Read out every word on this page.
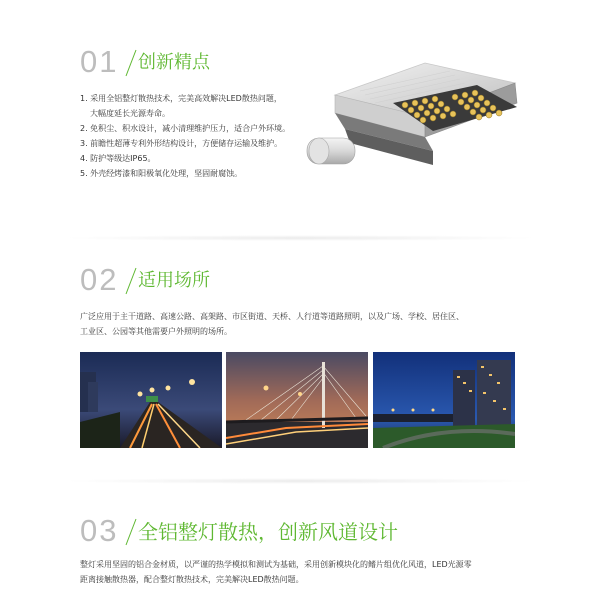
01 创新精点
1. 采用全铝整灯散热技术，完美高效解决LED散热问题，
大幅度延长光源寿命。
2. 免积尘、积水设计，减小清理维护压力，适合户外环境。
3. 前瞻性超薄专利外形结构设计，方便储存运输及维护。
4. 防护等级达IP65。
5. 外壳经烤漆和阳极氧化处理，坚固耐腐蚀。
02 适用场所
广泛应用于主干道路、高速公路、高架路、市区街道、天桥、人行道等道路照明，以及广场、学校、居住区、
工业区、公园等其他需要户外照明的场所。
03 全铝整灯散热，创新风道设计
整灯采用坚固的铝合金材质，以严谨的热学模拟和测试为基础，采用创新模块化的鳍片组优化风道，LED光源零
距离接触散热器，配合整灯散热技术，完美解决LED散热问题。
